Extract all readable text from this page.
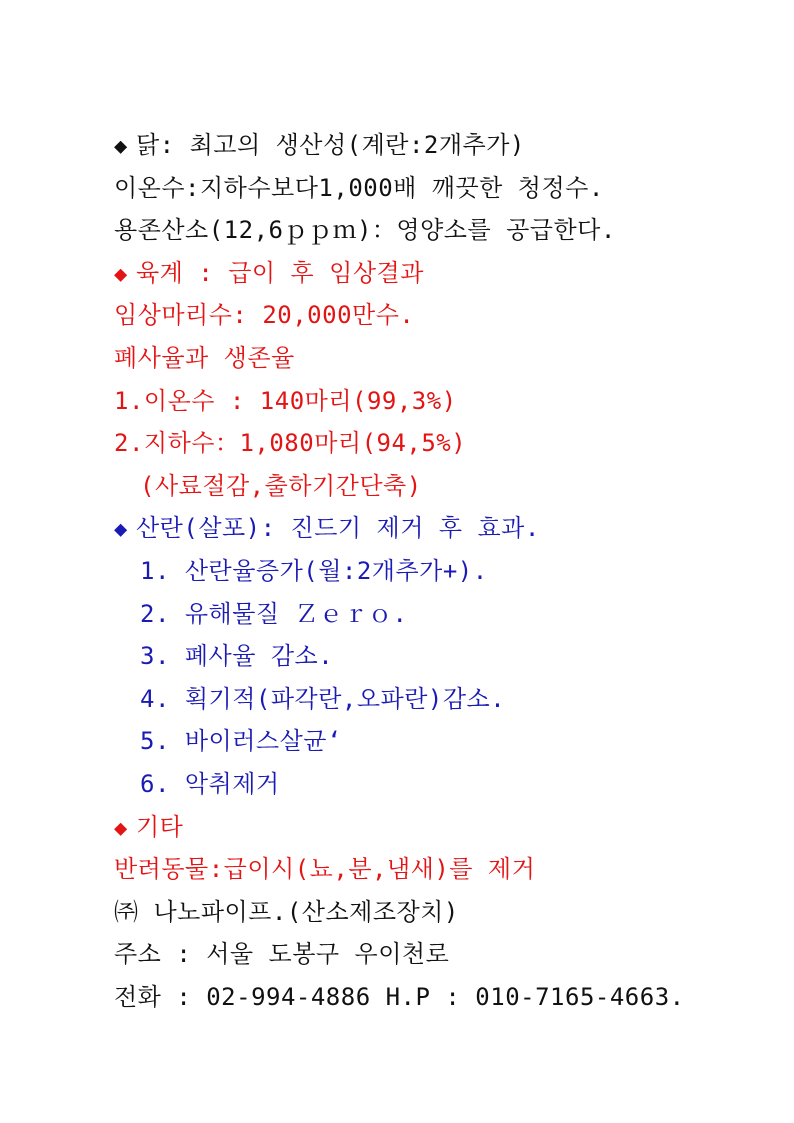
◆ 닭: 최고의 생산성(계란:2개추가)
이온수:지하수보다1,000배 깨끗한 청정수.
용존산소(12,6ｐｐｍ)：영양소를 공급한다.
◆ 육계 : 급이 후 임상결과
임상마리수: 20,000만수.
폐사율과 생존율
1.이온수 : 140마리(99,3%)
2.지하수：1,080마리(94,5%)
(사료절감,출하기간단축)
◆ 산란(살포): 진드기 제거 후 효과.
1. 산란율증가(월:2개추가+).
2. 유해물질 Ｚｅｒｏ.
3. 폐사율 감소.
4. 획기적(파각란,오파란)감소.
5. 바이러스살균‘
6. 악취제거
◆ 기타
반려동물:급이시(뇨,분,냄새)를 제거
㈜ 나노파이프.(산소제조장치)
주소 : 서울 도봉구 우이천로
전화 : 02-994-4886 H.P : 010-7165-4663.
